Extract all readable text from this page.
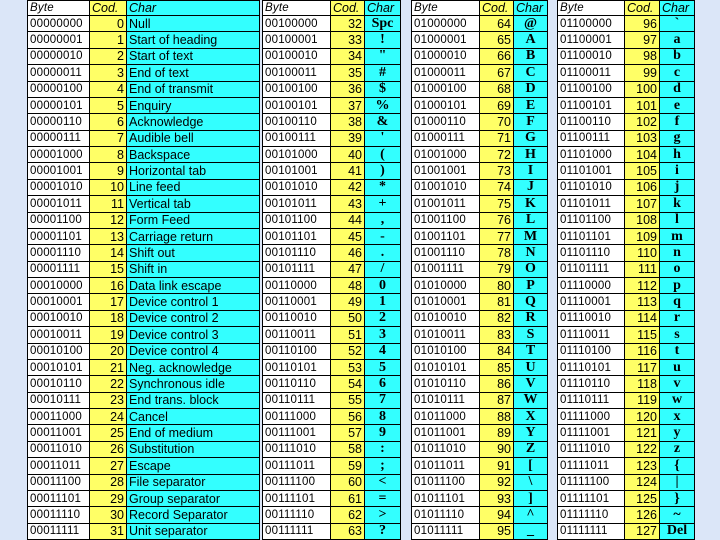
Byte	Cod.	Char
00000000	0	Null
00000001	1	Start of heading
00000010	2	Start of text
00000011	3	End of text
00000100	4	End of transmit
00000101	5	Enquiry
00000110	6	Acknowledge
00000111	7	Audible bell
00001000	8	Backspace
00001001	9	Horizontal tab
00001010	10	Line feed
00001011	11	Vertical tab
00001100	12	Form Feed
00001101	13	Carriage return
00001110	14	Shift out
00001111	15	Shift in
00010000	16	Data link escape
00010001	17	Device control 1
00010010	18	Device control 2
00010011	19	Device control 3
00010100	20	Device control 4
00010101	21	Neg. acknowledge
00010110	22	Synchronous idle
00010111	23	End trans. block
00011000	24	Cancel
00011001	25	End of medium
00011010	26	Substitution
00011011	27	Escape
00011100	28	File separator
00011101	29	Group separator
00011110	30	Record Separator
00011111	31	Unit separator
Byte	Cod.	Char
00100000	32	Spc
00100001	33	!
00100010	34	"
00100011	35	#
00100100	36	$
00100101	37	%
00100110	38	&
00100111	39	'
00101000	40	(
00101001	41	)
00101010	42	*
00101011	43	+
00101100	44	,
00101101	45	-
00101110	46	.
00101111	47	/
00110000	48	0
00110001	49	1
00110010	50	2
00110011	51	3
00110100	52	4
00110101	53	5
00110110	54	6
00110111	55	7
00111000	56	8
00111001	57	9
00111010	58	:
00111011	59	;
00111100	60	<
00111101	61	=
00111110	62	>
00111111	63	?
Byte	Cod.	Char
01000000	64	@
01000001	65	A
01000010	66	B
01000011	67	C
01000100	68	D
01000101	69	E
01000110	70	F
01000111	71	G
01001000	72	H
01001001	73	I
01001010	74	J
01001011	75	K
01001100	76	L
01001101	77	M
01001110	78	N
01001111	79	O
01010000	80	P
01010001	81	Q
01010010	82	R
01010011	83	S
01010100	84	T
01010101	85	U
01010110	86	V
01010111	87	W
01011000	88	X
01011001	89	Y
01011010	90	Z
01011011	91	[
01011100	92	\
01011101	93	]
01011110	94	^
01011111	95	_
Byte	Cod.	Char
01100000	96	`
01100001	97	a
01100010	98	b
01100011	99	c
01100100	100	d
01100101	101	e
01100110	102	f
01100111	103	g
01101000	104	h
01101001	105	i
01101010	106	j
01101011	107	k
01101100	108	l
01101101	109	m
01101110	110	n
01101111	111	o
01110000	112	p
01110001	113	q
01110010	114	r
01110011	115	s
01110100	116	t
01110101	117	u
01110110	118	v
01110111	119	w
01111000	120	x
01111001	121	y
01111010	122	z
01111011	123	{
01111100	124	|
01111101	125	}
01111110	126	~
01111111	127	Del
